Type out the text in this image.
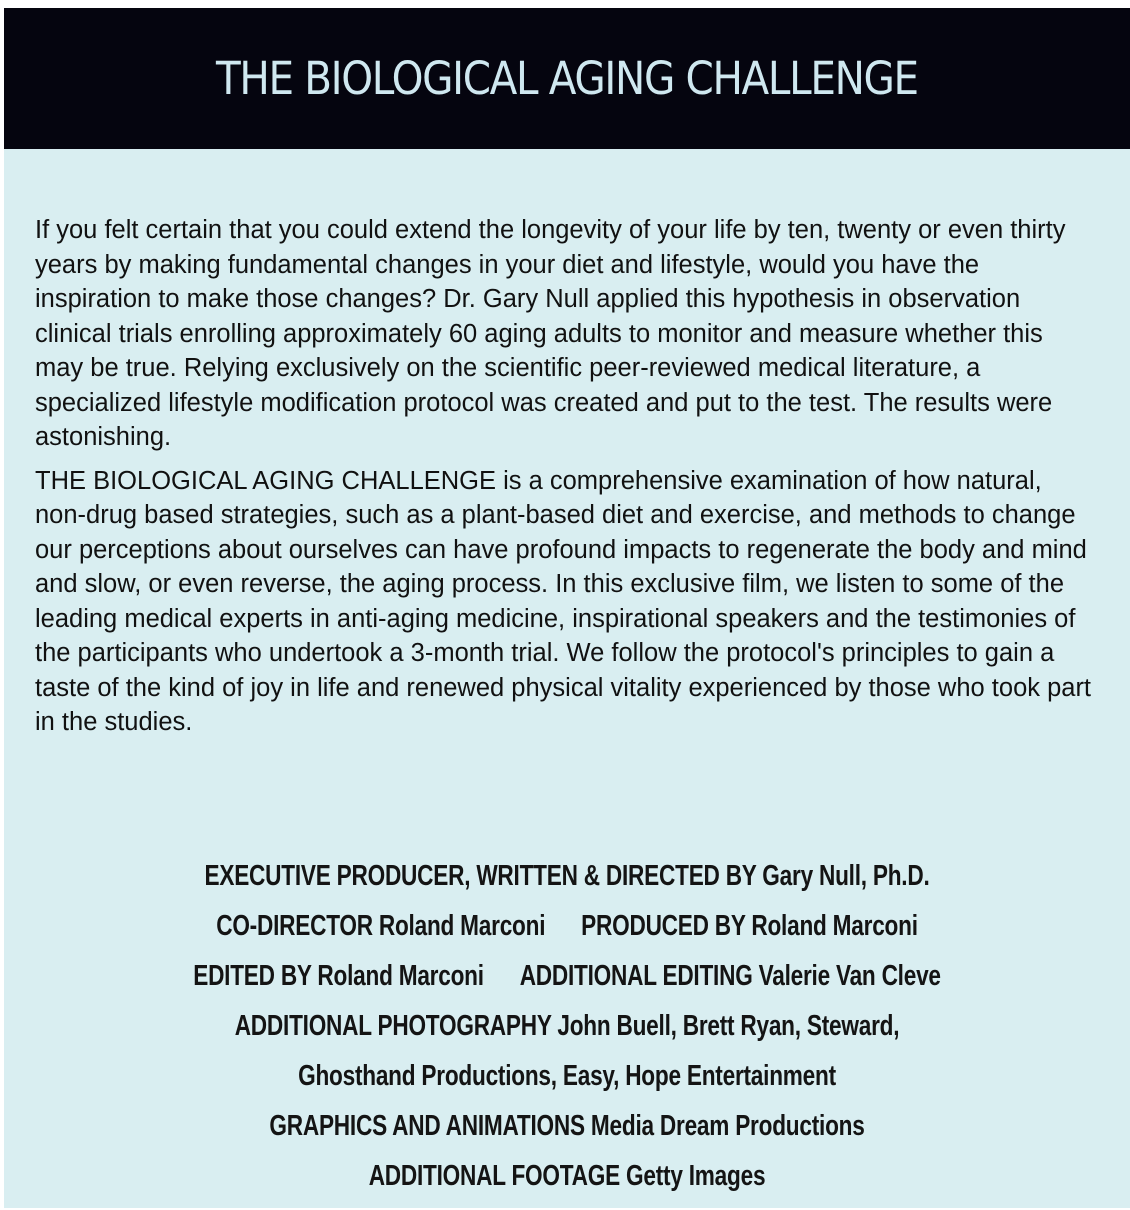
THE BIOLOGICAL AGING CHALLENGE

If you felt certain that you could extend the longevity of your life by ten, twenty or even thirty years by making fundamental changes in your diet and lifestyle, would you have the inspiration to make those changes? Dr. Gary Null applied this hypothesis in observation clinical trials enrolling approximately 60 aging adults to monitor and measure whether this may be true. Relying exclusively on the scientific peer-reviewed medical literature, a specialized lifestyle modification protocol was created and put to the test. The results were astonishing.

THE BIOLOGICAL AGING CHALLENGE is a comprehensive examination of how natural, non-drug based strategies, such as a plant-based diet and exercise, and methods to change our perceptions about ourselves can have profound impacts to regenerate the body and mind and slow, or even reverse, the aging process. In this exclusive film, we listen to some of the leading medical experts in anti-aging medicine, inspirational speakers and the testimonies of the participants who undertook a 3-month trial. We follow the protocol's principles to gain a taste of the kind of joy in life and renewed physical vitality experienced by those who took part in the studies.

EXECUTIVE PRODUCER, WRITTEN & DIRECTED BY Gary Null, Ph.D.
CO-DIRECTOR Roland Marconi PRODUCED BY Roland Marconi
EDITED BY Roland Marconi ADDITIONAL EDITING Valerie Van Cleve
ADDITIONAL PHOTOGRAPHY John Buell, Brett Ryan, Steward,
Ghosthand Productions, Easy, Hope Entertainment
GRAPHICS AND ANIMATIONS Media Dream Productions
ADDITIONAL FOOTAGE Getty Images
